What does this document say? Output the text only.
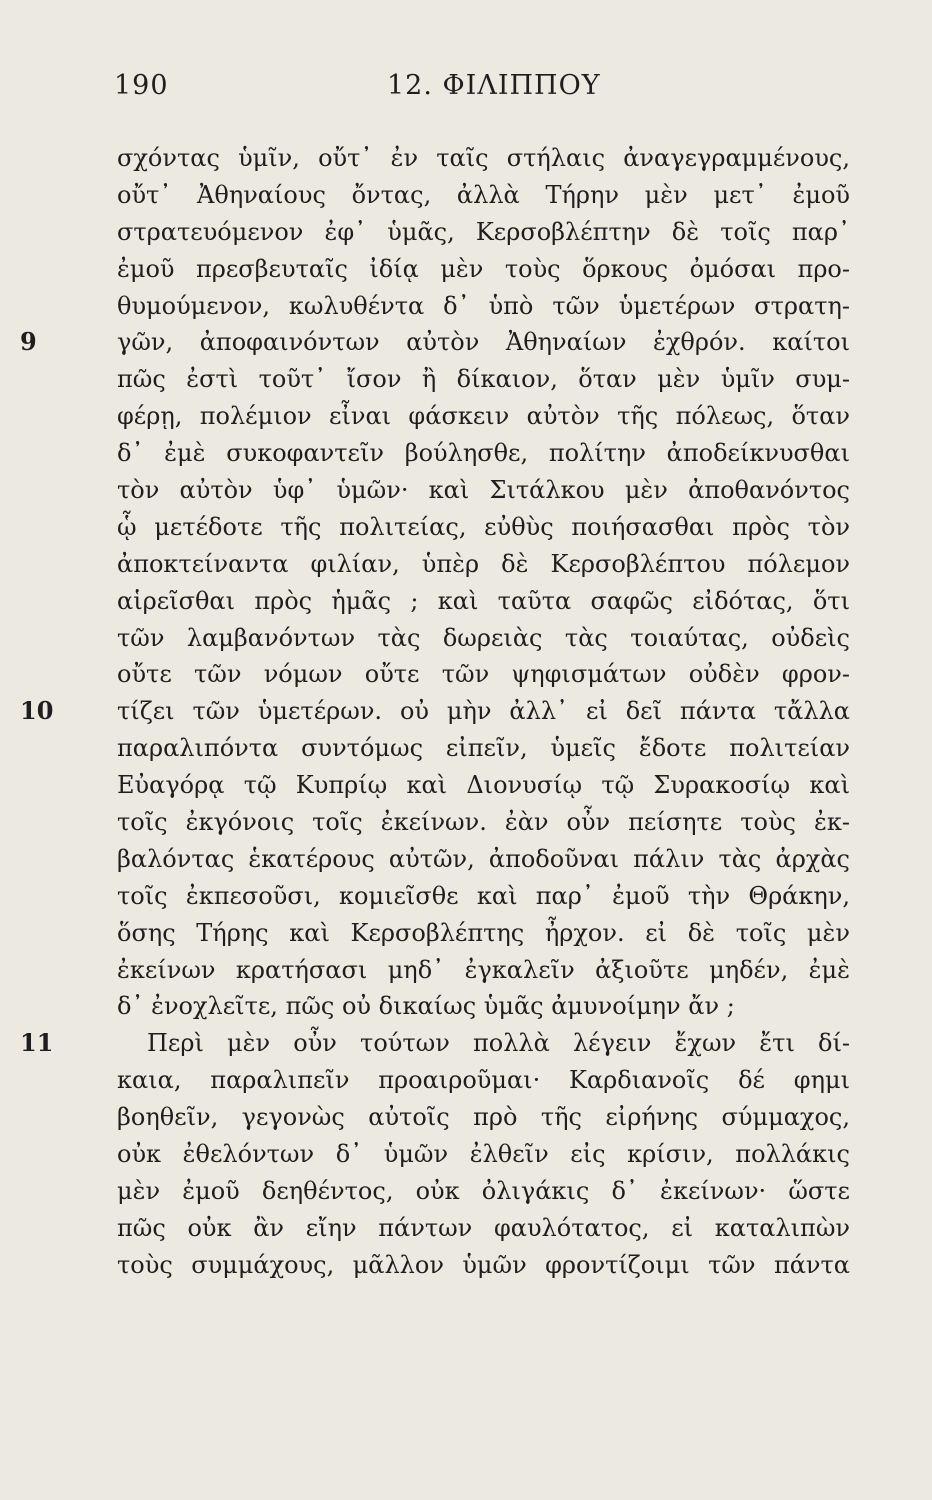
190	12. ΦΙΛΙΠΠΟΥ
σχόντας ὑμῖν, οὔτ᾽ ἐν ταῖς στήλαις ἀναγεγραμμένους,
οὔτ᾽ Ἀθηναίους ὄντας, ἀλλὰ Τήρην μὲν μετ᾽ ἐμοῦ
στρατευόμενον ἐφ᾽ ὑμᾶς, Κερσοβλέπτην δὲ τοῖς παρ᾽
ἐμοῦ πρεσβευταῖς ἰδίᾳ μὲν τοὺς ὅρκους ὀμόσαι προ-
θυμούμενον, κωλυθέντα δ᾽ ὑπὸ τῶν ὑμετέρων στρατη-
9	γῶν, ἀποφαινόντων αὐτὸν Ἀθηναίων ἐχθρόν. καίτοι
πῶς ἐστὶ τοῦτ᾽ ἴσον ἢ δίκαιον, ὅταν μὲν ὑμῖν συμ-
φέρῃ, πολέμιον εἶναι φάσκειν αὐτὸν τῆς πόλεως, ὅταν
δ᾽ ἐμὲ συκοφαντεῖν βούλησθε, πολίτην ἀποδείκνυσθαι
τὸν αὐτὸν ὑφ᾽ ὑμῶν· καὶ Σιτάλκου μὲν ἀποθανόντος
ᾧ μετέδοτε τῆς πολιτείας, εὐθὺς ποιήσασθαι πρὸς τὸν
ἀποκτείναντα φιλίαν, ὑπὲρ δὲ Κερσοβλέπτου πόλεμον
αἱρεῖσθαι πρὸς ἡμᾶς ; καὶ ταῦτα σαφῶς εἰδότας, ὅτι
τῶν λαμβανόντων τὰς δωρειὰς τὰς τοιαύτας, οὐδεὶς
οὔτε τῶν νόμων οὔτε τῶν ψηφισμάτων οὐδὲν φρον-
10	τίζει τῶν ὑμετέρων. οὐ μὴν ἀλλ᾽ εἰ δεῖ πάντα τἄλλα
παραλιπόντα συντόμως εἰπεῖν, ὑμεῖς ἔδοτε πολιτείαν
Εὐαγόρᾳ τῷ Κυπρίῳ καὶ Διονυσίῳ τῷ Συρακοσίῳ καὶ
τοῖς ἐκγόνοις τοῖς ἐκείνων. ἐὰν οὖν πείσητε τοὺς ἐκ-
βαλόντας ἑκατέρους αὐτῶν, ἀποδοῦναι πάλιν τὰς ἀρχὰς
τοῖς ἐκπεσοῦσι, κομιεῖσθε καὶ παρ᾽ ἐμοῦ τὴν Θράκην,
ὅσης Τήρης καὶ Κερσοβλέπτης ἦρχον. εἰ δὲ τοῖς μὲν
ἐκείνων κρατήσασι μηδ᾽ ἐγκαλεῖν ἀξιοῦτε μηδέν, ἐμὲ
δ᾽ ἐνοχλεῖτε, πῶς οὐ δικαίως ὑμᾶς ἀμυνοίμην ἄν ;
11	Περὶ μὲν οὖν τούτων πολλὰ λέγειν ἔχων ἔτι δί-
καια, παραλιπεῖν προαιροῦμαι· Καρδιανοῖς δέ φημι
βοηθεῖν, γεγονὼς αὐτοῖς πρὸ τῆς εἰρήνης σύμμαχος,
οὐκ ἐθελόντων δ᾽ ὑμῶν ἐλθεῖν εἰς κρίσιν, πολλάκις
μὲν ἐμοῦ δεηθέντος, οὐκ ὀλιγάκις δ᾽ ἐκείνων· ὥστε
πῶς οὐκ ἂν εἴην πάντων φαυλότατος, εἰ καταλιπὼν
τοὺς συμμάχους, μᾶλλον ὑμῶν φροντίζοιμι τῶν πάντα
